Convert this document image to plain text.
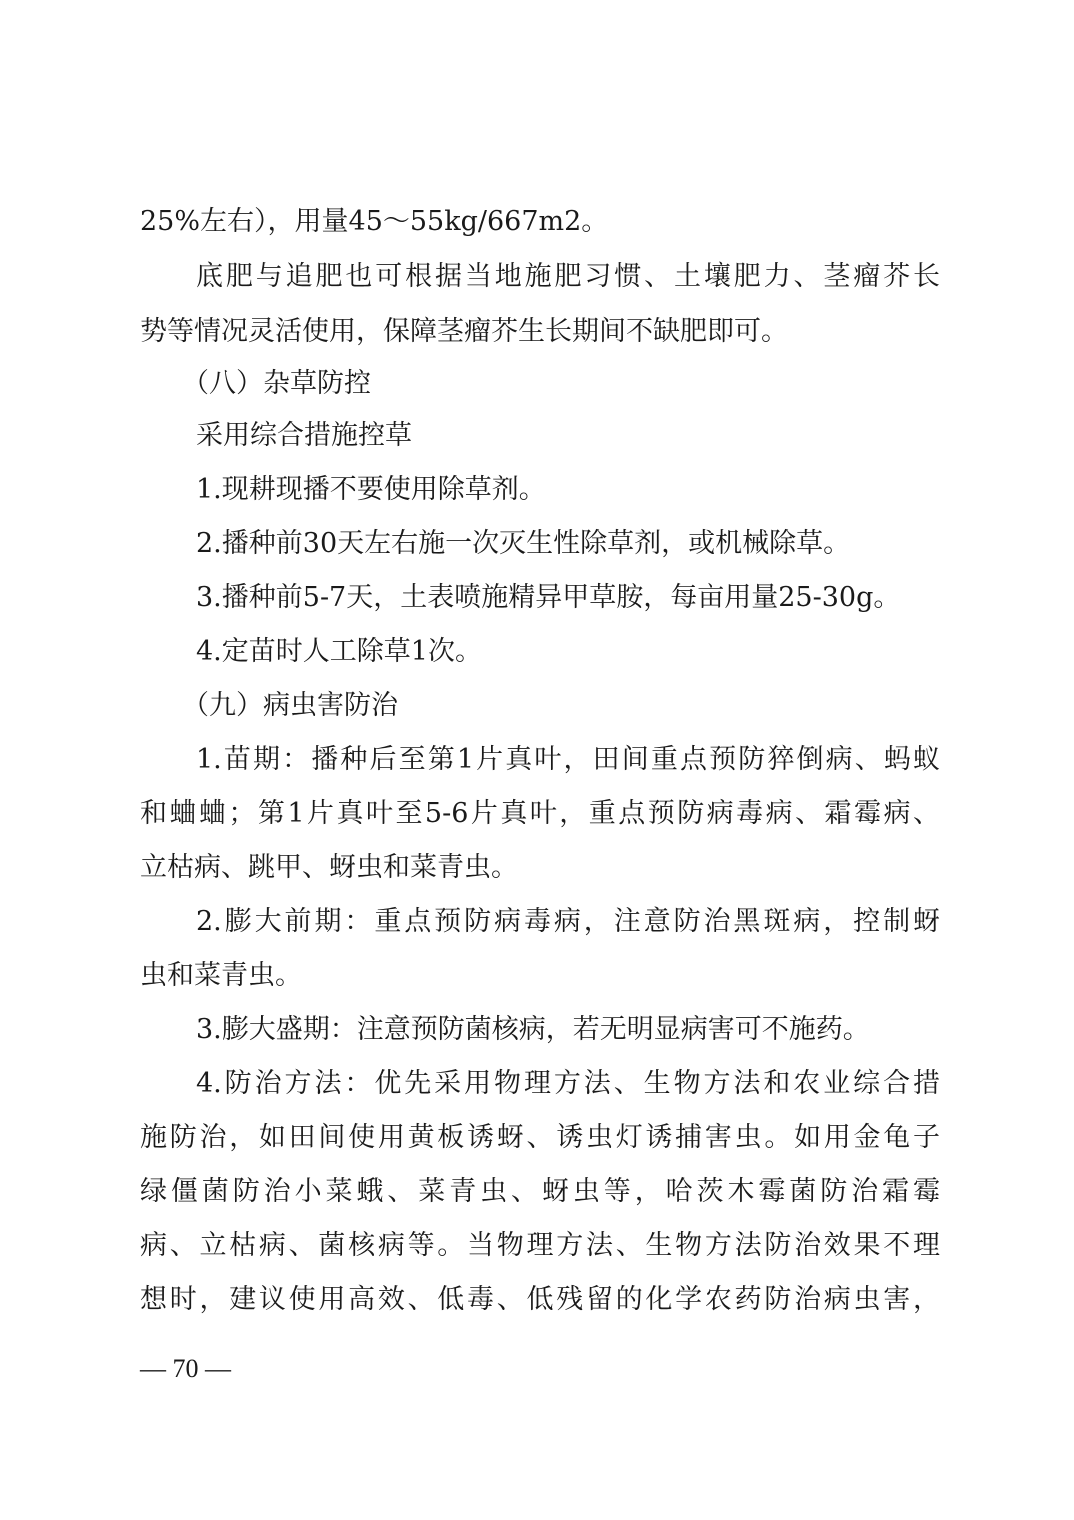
25%左右），用量45〜55kg/667m2。

底肥与追肥也可根据当地施肥习惯、土壤肥力、茎瘤芥长

势等情况灵活使用，保障茎瘤芥生长期间不缺肥即可。

（八）杂草防控

采用综合措施控草

1.现耕现播不要使用除草剂。

2.播种前30天左右施一次灭生性除草剂，或机械除草。

3.播种前5-7天，土表喷施精异甲草胺，每亩用量25-30g。

4.定苗时人工除草1次。

（九）病虫害防治

1.苗期：播种后至第1片真叶，田间重点预防猝倒病、蚂蚁

和蛐蛐；第1片真叶至5-6片真叶，重点预防病毒病、霜霉病、

立枯病、跳甲、蚜虫和菜青虫。

2.膨大前期：重点预防病毒病，注意防治黑斑病，控制蚜

虫和菜青虫。

3.膨大盛期：注意预防菌核病，若无明显病害可不施药。

4.防治方法：优先采用物理方法、生物方法和农业综合措

施防治，如田间使用黄板诱蚜、诱虫灯诱捕害虫。如用金龟子

绿僵菌防治小菜蛾、菜青虫、蚜虫等，哈茨木霉菌防治霜霉

病、立枯病、菌核病等。当物理方法、生物方法防治效果不理

想时，建议使用高效、低毒、低残留的化学农药防治病虫害，

— 70 —
